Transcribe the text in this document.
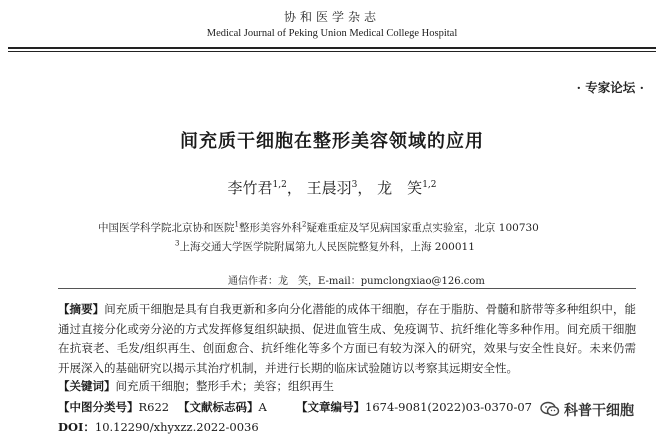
协和医学杂志
Medical Journal of Peking Union Medical College Hospital
· 专家论坛 ·
间充质干细胞在整形美容领域的应用
李竹君$^{1,2}$， 王晨羽$^3$， 龙　笑$^{1,2}$
中国医学科学院北京协和医院$^1$整形美容外科$^2$疑难重症及罕见病国家重点实验室，北京 100730
$^3$上海交通大学医学院附属第九人民医院整复外科，上海 200011
通信作者：龙　笑，E-mail：pumclongxiao@126.com
【摘要】间充质干细胞是具有自我更新和多向分化潜能的成体干细胞，存在于脂肪、骨髓和脐带等多种组织中，能通过直接分化或旁分泌的方式发挥修复组织缺损、促进血管生成、免疫调节、抗纤维化等多种作用。间充质干细胞在抗衰老、毛发/组织再生、创面愈合、抗纤维化等多个方面已有较为深入的研究，效果与安全性良好。未来仍需开展深入的基础研究以揭示其治疗机制，并进行长期的临床试验随访以考察其远期安全性。
【关键词】间充质干细胞；整形手术；美容；组织再生
【中图分类号】R622 【文献标志码】A	【文章编号】1674-9081(2022)03-0370-07
DOI：10.12290/xhyxzz.2022-0036
科普干细胞
